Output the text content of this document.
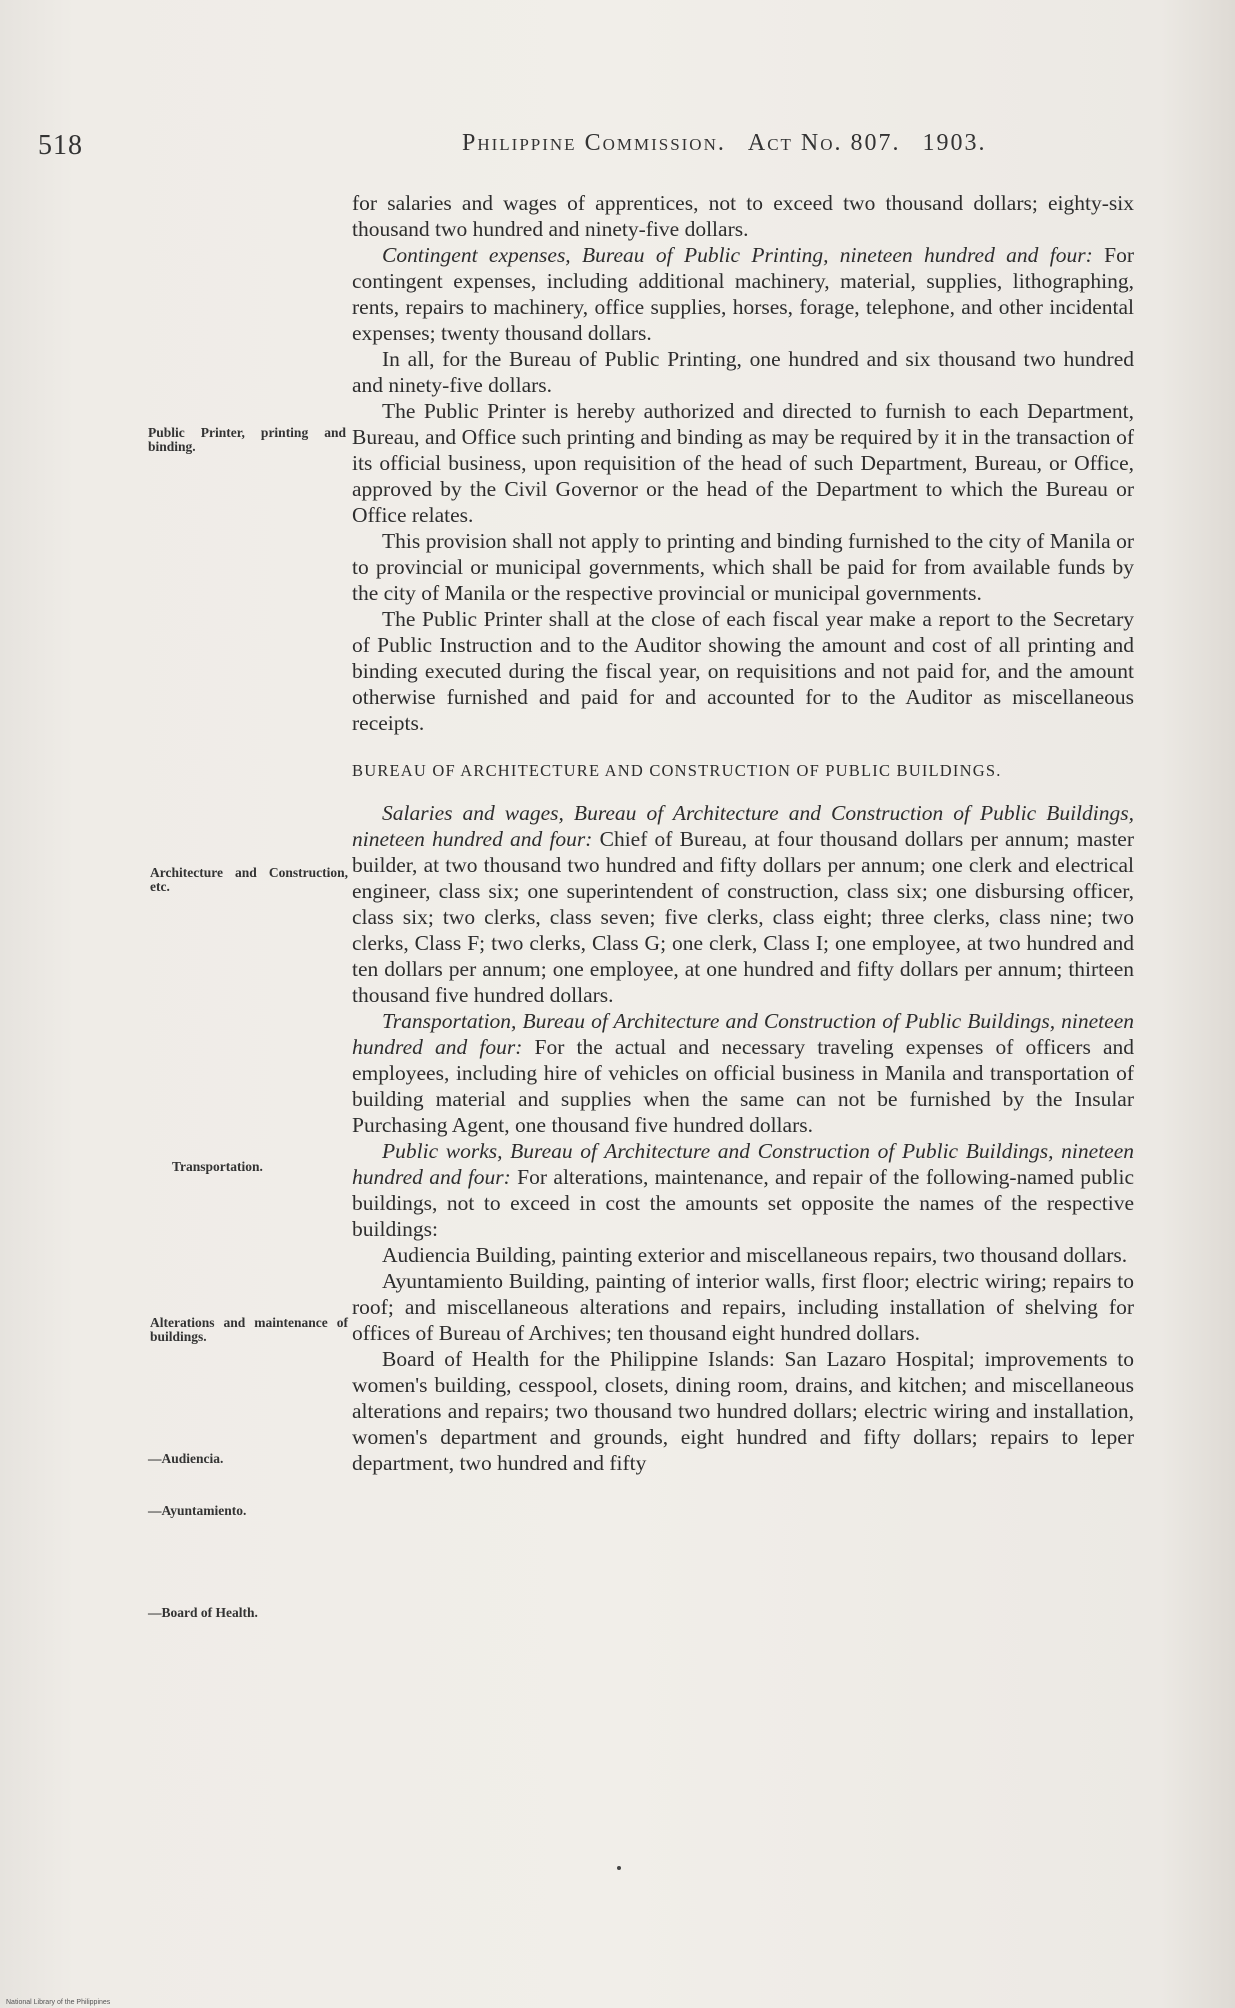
518	Philippine Commission. Act No. 807. 1903.
Public Printer, printing and binding.
Architecture and Construction, etc.
Transportation.
Alterations and maintenance of buildings.
—Audiencia.
—Ayuntamiento.
—Board of Health.

for salaries and wages of apprentices, not to exceed two thousand dollars; eighty-six thousand two hundred and ninety-five dollars.

Contingent expenses, Bureau of Public Printing, nineteen hundred and four: For contingent expenses, including additional machinery, material, supplies, lithographing, rents, repairs to machinery, office supplies, horses, forage, telephone, and other incidental expenses; twenty thousand dollars.

In all, for the Bureau of Public Printing, one hundred and six thousand two hundred and ninety-five dollars.

The Public Printer is hereby authorized and directed to furnish to each Department, Bureau, and Office such printing and binding as may be required by it in the transaction of its official business, upon requisition of the head of such Department, Bureau, or Office, approved by the Civil Governor or the head of the Department to which the Bureau or Office relates.

This provision shall not apply to printing and binding furnished to the city of Manila or to provincial or municipal governments, which shall be paid for from available funds by the city of Manila or the respective provincial or municipal governments.

The Public Printer shall at the close of each fiscal year make a report to the Secretary of Public Instruction and to the Auditor showing the amount and cost of all printing and binding executed during the fiscal year, on requisitions and not paid for, and the amount otherwise furnished and paid for and accounted for to the Auditor as miscellaneous receipts.

BUREAU OF ARCHITECTURE AND CONSTRUCTION OF PUBLIC BUILDINGS.

Salaries and wages, Bureau of Architecture and Construction of Public Buildings, nineteen hundred and four: Chief of Bureau, at four thousand dollars per annum; master builder, at two thousand two hundred and fifty dollars per annum; one clerk and electrical engineer, class six; one superintendent of construction, class six; one disbursing officer, class six; two clerks, class seven; five clerks, class eight; three clerks, class nine; two clerks, Class F; two clerks, Class G; one clerk, Class I; one employee, at two hundred and ten dollars per annum; one employee, at one hundred and fifty dollars per annum; thirteen thousand five hundred dollars.

Transportation, Bureau of Architecture and Construction of Public Buildings, nineteen hundred and four: For the actual and necessary traveling expenses of officers and employees, including hire of vehicles on official business in Manila and transportation of building material and supplies when the same can not be furnished by the Insular Purchasing Agent, one thousand five hundred dollars.

Public works, Bureau of Architecture and Construction of Public Buildings, nineteen hundred and four: For alterations, maintenance, and repair of the following-named public buildings, not to exceed in cost the amounts set opposite the names of the respective buildings:

Audiencia Building, painting exterior and miscellaneous repairs, two thousand dollars.

Ayuntamiento Building, painting of interior walls, first floor; electric wiring; repairs to roof; and miscellaneous alterations and repairs, including installation of shelving for offices of Bureau of Archives; ten thousand eight hundred dollars.

Board of Health for the Philippine Islands: San Lazaro Hospital; improvements to women's building, cesspool, closets, dining room, drains, and kitchen; and miscellaneous alterations and repairs; two thousand two hundred dollars; electric wiring and installation, women's department and grounds, eight hundred and fifty dollars; repairs to leper department, two hundred and fifty

National Library of the Philippines
